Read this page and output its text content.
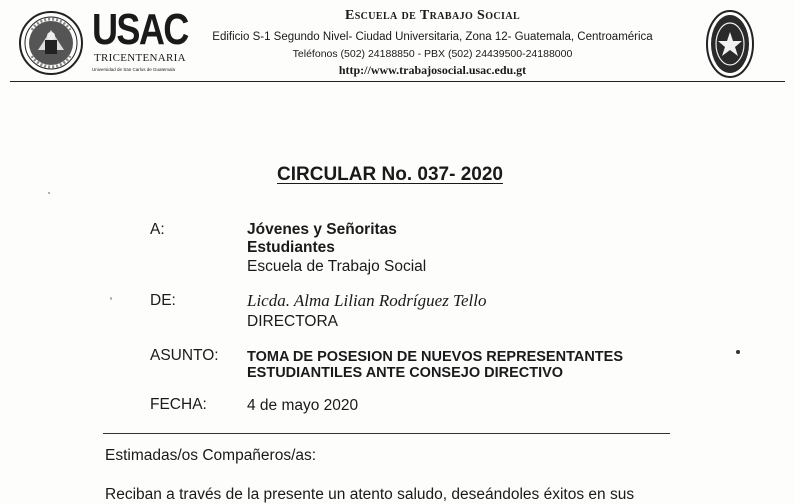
USAC
TRICENTENARIA
Universidad de San Carlos de Guatemala
Escuela de Trabajo Social
Edificio S-1 Segundo Nivel- Ciudad Universitaria, Zona 12- Guatemala, Centroamérica
Teléfonos (502) 24188850 - PBX (502) 24439500-24188000
http://www.trabajosocial.usac.edu.gt
CIRCULAR No. 037- 2020
A:	Jóvenes y Señoritas
Estudiantes
Escuela de Trabajo Social
DE:	Licda. Alma Lilian Rodríguez Tello
DIRECTORA
ASUNTO: TOMA DE POSESION DE NUEVOS REPRESENTANTES
ESTUDIANTILES ANTE CONSEJO DIRECTIVO
FECHA:	4 de mayo 2020
Estimadas/os Compañeros/as:
Reciban a través de la presente un atento saludo, deseándoles éxitos en sus
